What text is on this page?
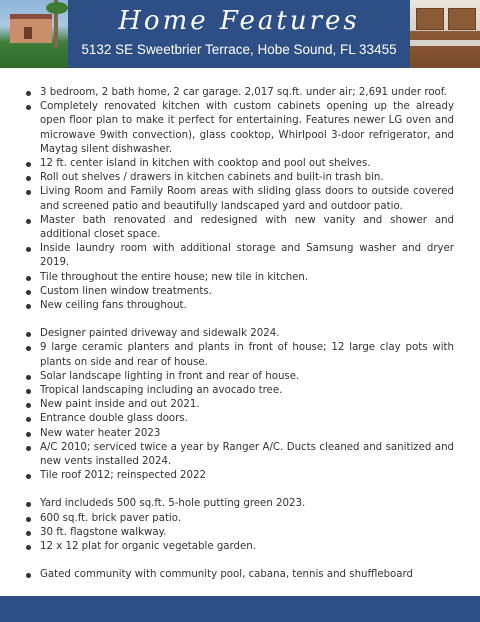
Home Features
5132 SE Sweetbrier Terrace, Hobe Sound, FL 33455
3 bedroom, 2 bath home, 2 car garage. 2,017 sq.ft. under air; 2,691 under roof.
Completely renovated kitchen with custom cabinets opening up the already open floor plan to make it perfect for entertaining. Features newer LG oven and microwave 9with convection), glass cooktop, Whirlpool 3-door refrigerator, and Maytag silent dishwasher.
12 ft. center island in kitchen with cooktop and pool out shelves.
Roll out shelves / drawers in kitchen cabinets and built-in trash bin.
Living Room and Family Room areas with sliding glass doors to outside covered and screened patio and beautifully landscaped yard and outdoor patio.
Master bath renovated and redesigned with new vanity and shower and additional closet space.
Inside laundry room with additional storage and Samsung washer and dryer 2019.
Tile throughout the entire house; new tile in kitchen.
Custom linen window treatments.
New ceiling fans throughout.
Designer painted driveway and sidewalk 2024.
9 large ceramic planters and plants in front of house; 12 large clay pots with plants on side and rear of house.
Solar landscape lighting in front and rear of house.
Tropical landscaping including an avocado tree.
New paint inside and out 2021.
Entrance double glass doors.
New water heater 2023
A/C 2010; serviced twice a year by Ranger A/C. Ducts cleaned and sanitized and new vents installed 2024.
Tile roof 2012; reinspected 2022
Yard includeds 500 sq.ft. 5-hole putting green 2023.
600 sq.ft. brick paver patio.
30 ft. flagstone walkway.
12 x 12 plat for organic vegetable garden.
Gated community with community pool, cabana, tennis and shuffleboard
